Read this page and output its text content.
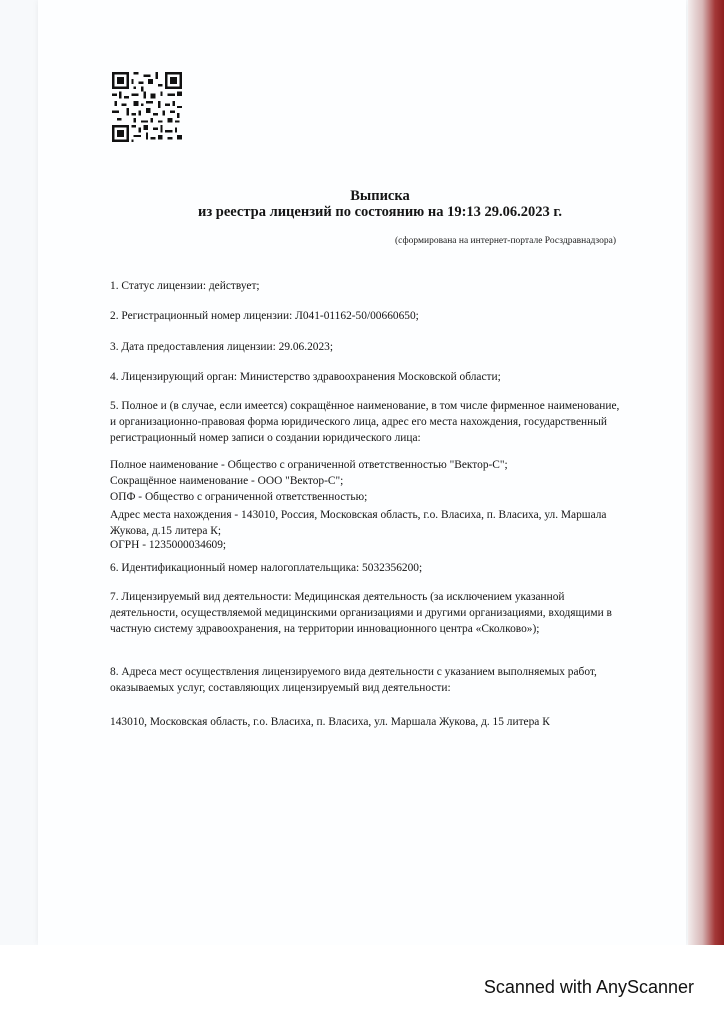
Выписка
из реестра лицензий по состоянию на 19:13 29.06.2023 г.
(сформирована на интернет-портале Росздравнадзора)
1. Статус лицензии: действует;
2. Регистрационный номер лицензии: Л041-01162-50/00660650;
3. Дата предоставления лицензии: 29.06.2023;
4. Лицензирующий орган: Министерство здравоохранения Московской области;
5. Полное и (в случае, если имеется) сокращённое наименование, в том числе фирменное наименование, и организационно-правовая форма юридического лица, адрес его места нахождения, государственный регистрационный номер записи о создании юридического лица:
Полное наименование - Общество с ограниченной ответственностью "Вектор-С";
Сокращённое наименование - ООО "Вектор-С";
ОПФ - Общество с ограниченной ответственностью;
Адрес места нахождения - 143010, Россия, Московская область, г.о. Власиха, п. Власиха, ул. Маршала Жукова, д.15 литера К;
ОГРН - 1235000034609;
6. Идентификационный номер налогоплательщика: 5032356200;
7. Лицензируемый вид деятельности: Медицинская деятельность (за исключением указанной деятельности, осуществляемой медицинскими организациями и другими организациями, входящими в частную систему здравоохранения, на территории инновационного центра «Сколково»);
8. Адреса мест осуществления лицензируемого вида деятельности с указанием выполняемых работ, оказываемых услуг, составляющих лицензируемый вид деятельности:
143010, Московская область, г.о. Власиха, п. Власиха, ул. Маршала Жукова, д. 15 литера К
Scanned with AnyScanner
